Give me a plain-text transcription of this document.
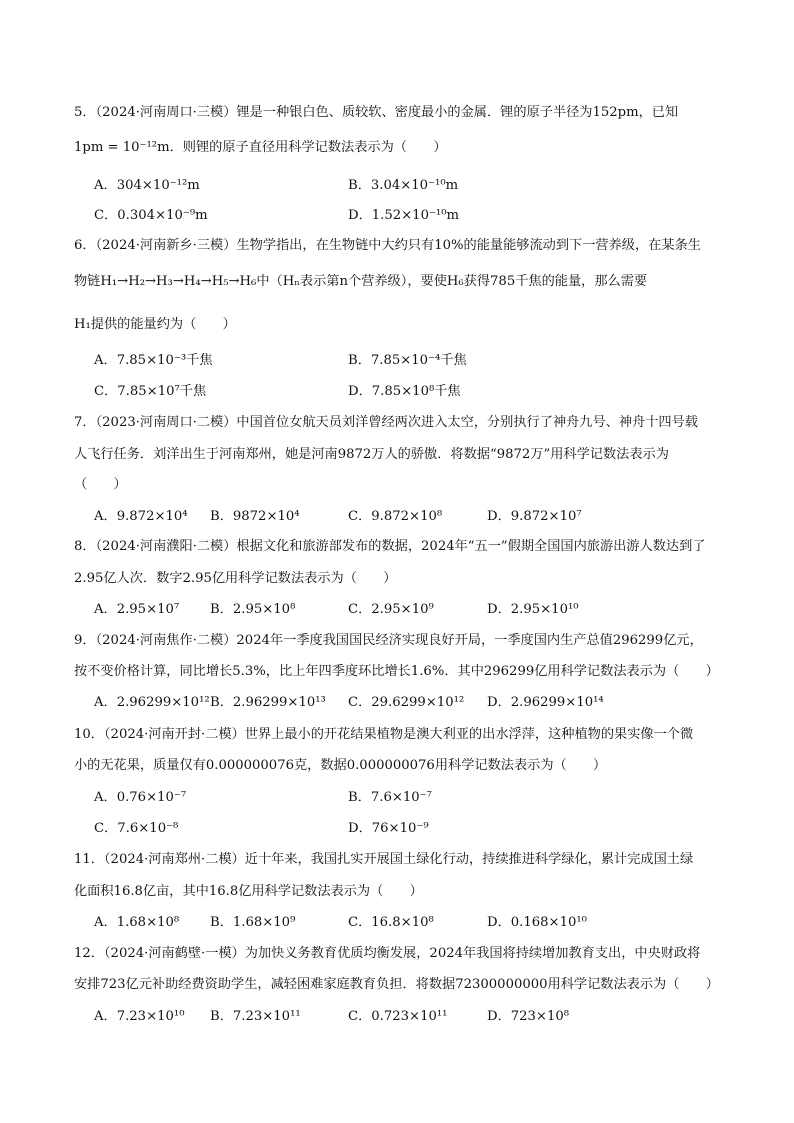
5．（2024·河南周口·三模）锂是一种银白色、质较软、密度最小的金属．锂的原子半径为152pm，已知
1pm = 10⁻¹²m．则锂的原子直径用科学记数法表示为（　　）
A．304×10⁻¹²m	B．3.04×10⁻¹⁰m
C．0.304×10⁻⁹m	D．1.52×10⁻¹⁰m
6．（2024·河南新乡·三模）生物学指出，在生物链中大约只有10%的能量能够流动到下一营养级，在某条生
物链H₁→H₂→H₃→H₄→H₅→H₆中（Hₙ表示第n个营养级），要使H₆获得785千焦的能量，那么需要
H₁提供的能量约为（　　）
A．7.85×10⁻³千焦	B．7.85×10⁻⁴千焦
C．7.85×10⁷千焦	D．7.85×10⁸千焦
7．（2023·河南周口·二模）中国首位女航天员刘洋曾经两次进入太空，分别执行了神舟九号、神舟十四号载
人飞行任务．刘洋出生于河南郑州，她是河南9872万人的骄傲．将数据“9872万”用科学记数法表示为
（　　）
A．9.872×10⁴ B．9872×10⁴	C．9.872×10⁸	D．9.872×10⁷
8．（2024·河南濮阳·二模）根据文化和旅游部发布的数据，2024年“五一”假期全国国内旅游出游人数达到了
2.95亿人次．数字2.95亿用科学记数法表示为（　　）
A．2.95×10⁷ B．2.95×10⁸	C．2.95×10⁹	D．2.95×10¹⁰
9．（2024·河南焦作·二模）2024年一季度我国国民经济实现良好开局，一季度国内生产总值296299亿元，
按不变价格计算，同比增长5.3%，比上年四季度环比增长1.6%．其中296299亿用科学记数法表示为（　　）
A．2.96299×10¹² B．2.96299×10¹³ C．29.6299×10¹² D．2.96299×10¹⁴
10．（2024·河南开封·二模）世界上最小的开花结果植物是澳大利亚的出水浮萍，这种植物的果实像一个微
小的无花果，质量仅有0.000000076克，数据0.000000076用科学记数法表示为（　　）
A．0.76×10⁻⁷	B．7.6×10⁻⁷
C．7.6×10⁻⁸	D．76×10⁻⁹
11．（2024·河南郑州·二模）近十年来，我国扎实开展国土绿化行动，持续推进科学绿化，累计完成国土绿
化面积16.8亿亩，其中16.8亿用科学记数法表示为（　　）
A．1.68×10⁸ B．1.68×10⁹	C．16.8×10⁸	D．0.168×10¹⁰
12．（2024·河南鹤壁·一模）为加快义务教育优质均衡发展，2024年我国将持续增加教育支出，中央财政将
安排723亿元补助经费资助学生，减轻困难家庭教育负担．将数据72300000000用科学记数法表示为（　　）
A．7.23×10¹⁰ B．7.23×10¹¹	C．0.723×10¹¹	D．723×10⁸
